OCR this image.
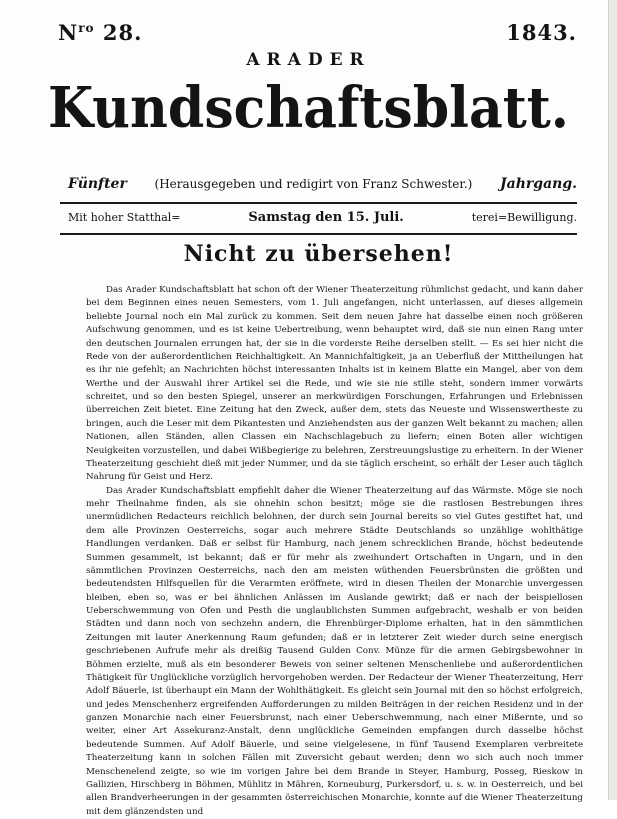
$N^{ro}$ 28.	1843.
ARADER
Kundschaftsblatt.
Fünfter (Herausgegeben und redigirt von Franz Schwester.) Jahrgang.
Mit hoher Statthal=	Samstag den 15. Juli.	terei=Bewilligung.
Nicht zu übersehen!

Das Arader Kundschaftsblatt hat schon oft der Wiener Theaterzeitung rühmlichst gedacht, und kann daher bei dem Beginnen eines neuen Semesters, vom 1. Juli angefangen, nicht unterlassen, auf dieses allgemein beliebte Journal noch ein Mal zurück zu kommen. Seit dem neuen Jahre hat dasselbe einen noch größeren Aufschwung genommen, und es ist keine Uebertreibung, wenn behauptet wird, daß sie nun einen Rang unter den deutschen Journalen errungen hat, der sie in die vorderste Reihe derselben stellt. — Es sei hier nicht die Rede von der außerordentlichen Reichhaltigkeit. An Mannichfaltigkeit, ja an Ueberfluß der Mittheilungen hat es ihr nie gefehlt; an Nachrichten höchst interessanten Inhalts ist in keinem Blatte ein Mangel, aber von dem Werthe und der Auswahl ihrer Artikel sei die Rede, und wie sie nie stille steht, sondern immer vorwärts schreitet, und so den besten Spiegel, unserer an merkwürdigen Forschungen, Erfahrungen und Erlebnissen überreichen Zeit bietet. Eine Zeitung hat den Zweck, außer dem, stets das Neueste und Wissenswertheste zu bringen, auch die Leser mit dem Pikantesten und Anziehendsten aus der ganzen Welt bekannt zu machen; allen Nationen, allen Ständen, allen Classen ein Nachschlagebuch zu liefern; einen Boten aller wichtigen Neuigkeiten vorzustellen, und dabei Wißbegierige zu belehren, Zerstreuungslustige zu erheitern. In der Wiener Theaterzeitung geschieht dieß mit jeder Nummer, und da sie täglich erscheint, so erhält der Leser auch täglich Nahrung für Geist und Herz.

Das Arader Kundschaftsblatt empfiehlt daher die Wiener Theaterzeitung auf das Wärmste. Möge sie noch mehr Theilnahme finden, als sie ohnehin schon besitzt; möge sie die rastlosen Bestrebungen ihres unermüdlichen Redacteurs reichlich belohnen, der durch sein Journal bereits so viel Gutes gestiftet hat, und dem alle Provinzen Oesterreichs, sogar auch mehrere Städte Deutschlands so unzählige wohlthätige Handlungen verdanken. Daß er selbst für Hamburg, nach jenem schrecklichen Brande, höchst bedeutende Summen gesammelt, ist bekannt; daß er für mehr als zweihundert Ortschaften in Ungarn, und in den sämmtlichen Provinzen Oesterreichs, nach den am meisten wüthenden Feuersbrünsten die größten und bedeutendsten Hilfsquellen für die Verarmten eröffnete, wird in diesen Theilen der Monarchie unvergessen bleiben, eben so, was er bei ähnlichen Anlässen im Auslande gewirkt; daß er nach der beispiellosen Ueberschwemmung von Ofen und Pesth die unglaublichsten Summen aufgebracht, weshalb er von beiden Städten und dann noch von sechzehn andern, die Ehrenbürger-Diplome erhalten, hat in den sämmtlichen Zeitungen mit lauter Anerkennung Raum gefunden; daß er in letzterer Zeit wieder durch seine energisch geschriebenen Aufrufe mehr als dreißig Tausend Gulden Conv. Münze für die armen Gebirgsbewohner in Böhmen erzielte, muß als ein besonderer Beweis von seiner seltenen Menschenliebe und außerordentlichen Thätigkeit für Unglückliche vorzüglich hervorgehoben werden. Der Redacteur der Wiener Theaterzeitung, Herr Adolf Bäuerle, ist überhaupt ein Mann der Wohlthätigkeit. Es gleicht sein Journal mit den so höchst erfolgreich, und jedes Menschenherz ergreifenden Aufforderungen zu milden Beiträgen in der reichen Residenz und in der ganzen Monarchie nach einer Feuersbrunst, nach einer Ueberschwemmung, nach einer Mißernte, und so weiter, einer Art Assekuranz-Anstalt, denn unglückliche Gemeinden empfangen durch dasselbe höchst bedeutende Summen. Auf Adolf Bäuerle, und seine vielgelesene, in fünf Tausend Exemplaren verbreitete Theaterzeitung kann in solchen Fällen mit Zuversicht gebaut werden; denn wo sich auch noch immer Menschenelend zeigte, so wie im vorigen Jahre bei dem Brande in Steyer, Hamburg, Posseg, Rieskow in Gallizien, Hirschberg in Böhmen, Mühlitz in Mähren, Korneuburg, Purkersdorf, u. s. w. in Oesterreich, und bei allen Brandverheerungen in der gesammten österreichischen Monarchie, konnte auf die Wiener Theaterzeitung mit dem glänzendsten und
